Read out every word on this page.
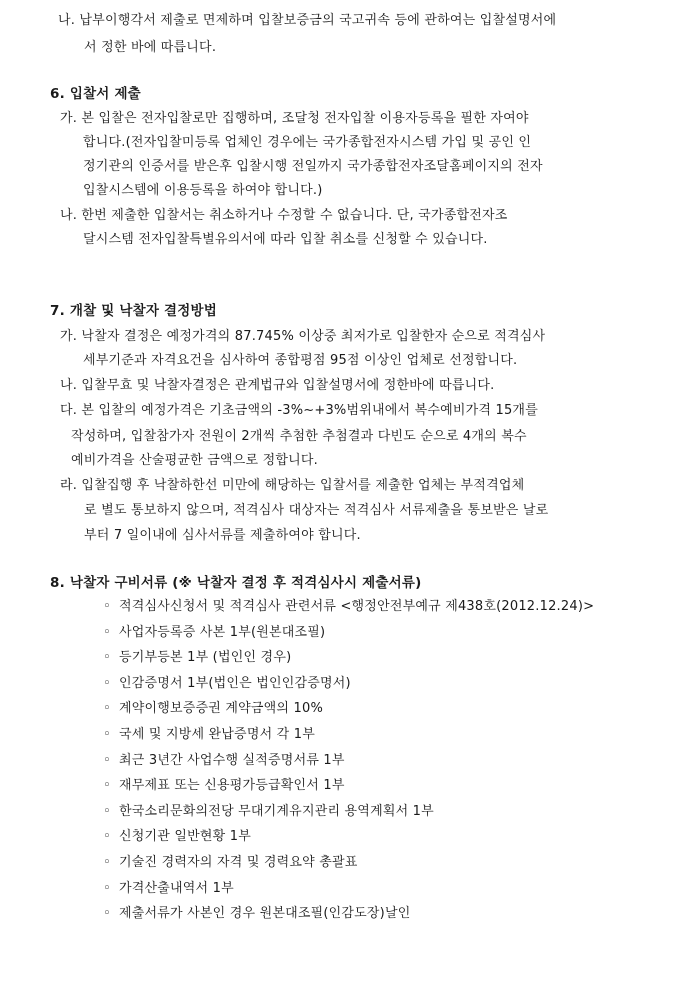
나. 납부이행각서 제출로 면제하며 입찰보증금의 국고귀속 등에 관하여는 입찰설명서에
서 정한 바에 따릅니다.
6. 입찰서 제출
가. 본 입찰은 전자입찰로만 집행하며, 조달청 전자입찰 이용자등록을 필한 자여야
합니다.(전자입찰미등록 업체인 경우에는 국가종합전자시스템 가입 및 공인 인
정기관의 인증서를 받은후 입찰시행 전일까지 국가종합전자조달홈페이지의 전자
입찰시스템에 이용등록을 하여야 합니다.)
나. 한번 제출한 입찰서는 취소하거나 수정할 수 없습니다. 단, 국가종합전자조
달시스템 전자입찰특별유의서에 따라 입찰 취소를 신청할 수 있습니다.
7. 개찰 및 낙찰자 결정방법
가. 낙찰자 결정은 예정가격의 87.745% 이상중 최저가로 입찰한자 순으로 적격심사
세부기준과 자격요건을 심사하여 종합평점 95점 이상인 업체로 선정합니다.
나. 입찰무효 및 낙찰자결정은 관계법규와 입찰설명서에 정한바에 따릅니다.
다. 본 입찰의 예정가격은 기초금액의 -3%~+3%범위내에서 복수예비가격 15개를
작성하며, 입찰참가자 전원이 2개씩 추첨한 추첨결과 다빈도 순으로 4개의 복수
예비가격을 산술평균한 금액으로 정합니다.
라. 입찰집행 후 낙찰하한선 미만에 해당하는 입찰서를 제출한 업체는 부적격업체
로 별도 통보하지 않으며, 적격심사 대상자는 적격심사 서류제출을 통보받은 날로
부터 7 일이내에 심사서류를 제출하여야 합니다.
8. 낙찰자 구비서류 (※ 낙찰자 결정 후 적격심사시 제출서류)
◦ 적격심사신청서 및 적격심사 관련서류 <행정안전부예규 제438호(2012.12.24)>
◦ 사업자등록증 사본 1부(원본대조필)
◦ 등기부등본 1부 (법인인 경우)
◦ 인감증명서 1부(법인은 법인인감증명서)
◦ 계약이행보증증권 계약금액의 10%
◦ 국세 및 지방세 완납증명서 각 1부
◦ 최근 3년간 사업수행 실적증명서류 1부
◦ 재무제표 또는 신용평가등급확인서 1부
◦ 한국소리문화의전당 무대기계유지관리 용역계획서 1부
◦ 신청기관 일반현황 1부
◦ 기술진 경력자의 자격 및 경력요약 총괄표
◦ 가격산출내역서 1부
◦ 제출서류가 사본인 경우 원본대조필(인감도장)날인
